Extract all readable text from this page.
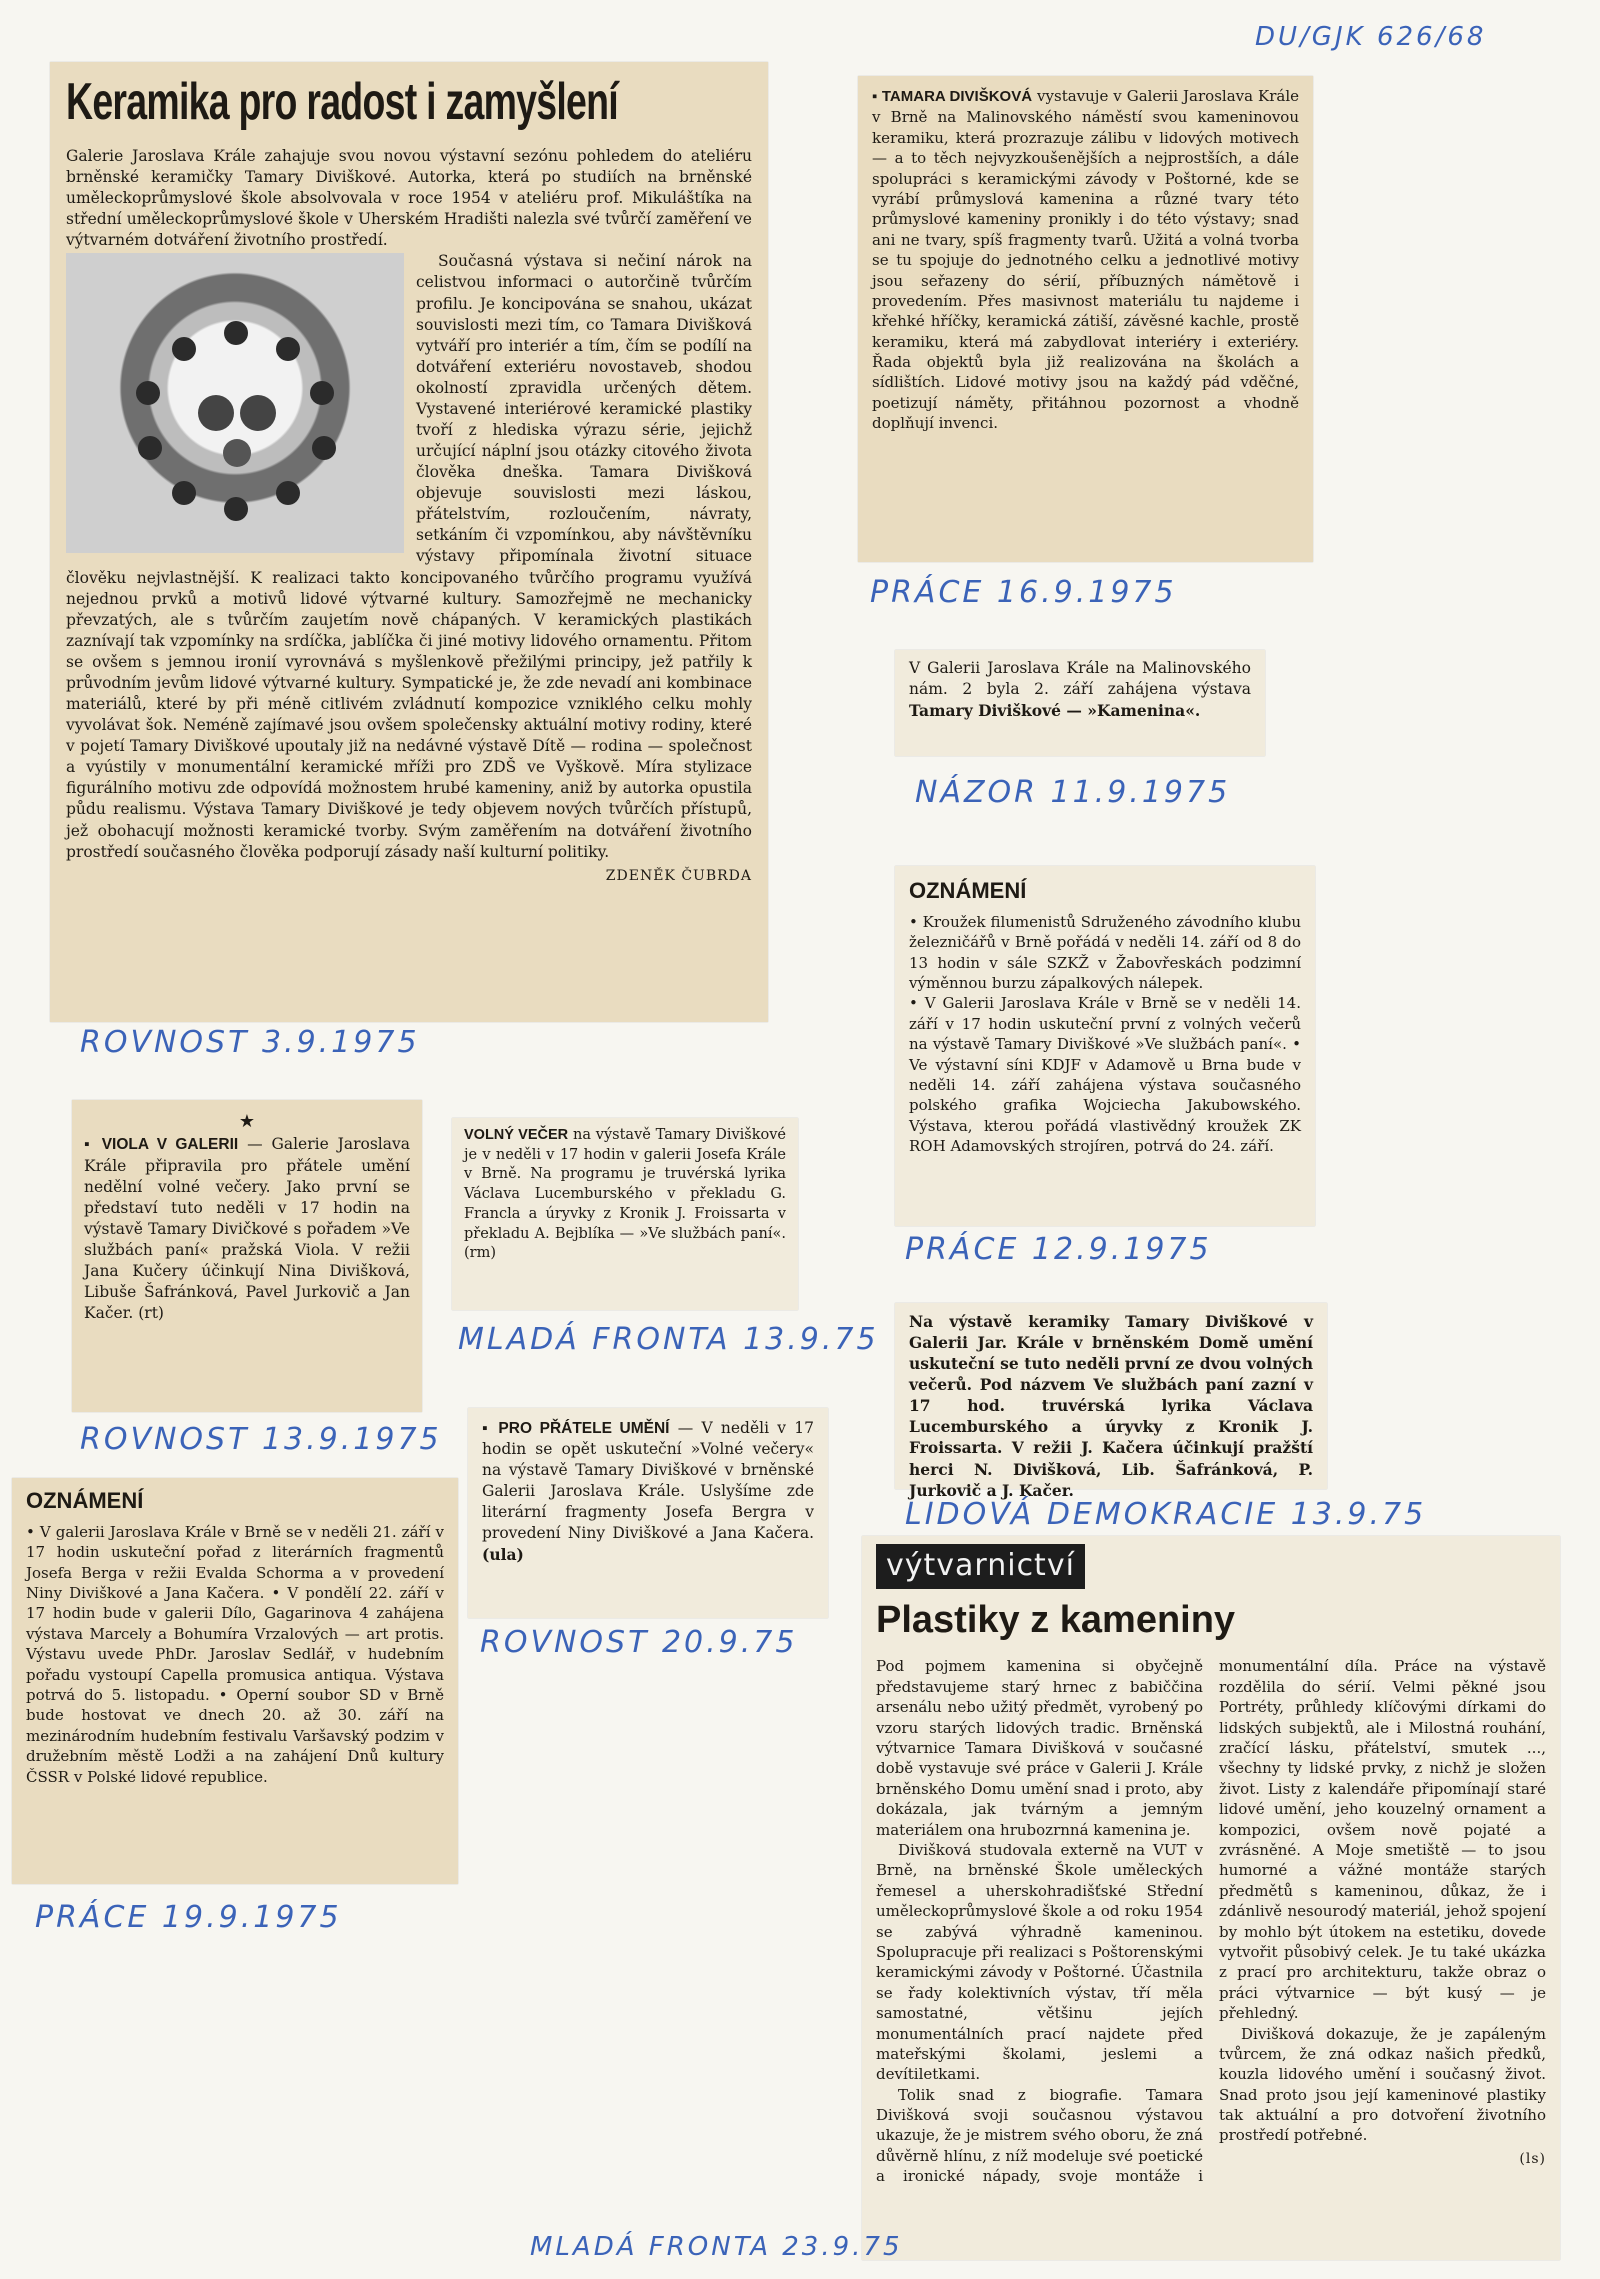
DU/GJK 626/68
Keramika pro radost i zamyšlení

Galerie Jaroslava Krále zahajuje svou novou výstavní sezónu pohledem do ateliéru brněnské keramičky Tamary Diviškové. Autorka, která po studiích na brněnské uměleckoprůmyslové škole absolvovala v roce 1954 v ateliéru prof. Mikuláštíka na střední uměleckoprůmyslové škole v Uherském Hradišti nalezla své tvůrčí zaměření ve výtvarném dotváření životního prostředí.

Současná výstava si nečiní nárok na celistvou informaci o autorčině tvůrčím profilu. Je koncipována se snahou, ukázat souvislosti mezi tím, co Tamara Divišková vytváří pro interiér a tím, čím se podílí na dotváření exteriéru novostaveb, shodou okolností zpravidla určených dětem. Vystavené interiérové keramické plastiky tvoří z hlediska výrazu série, jejichž určující náplní jsou otázky citového života člověka dneška. Tamara Divišková objevuje souvislosti mezi láskou, přátelstvím, rozloučením, návraty, setkáním či vzpomínkou, aby návštěvníku výstavy připomínala životní situace člověku nejvlastnější. K realizaci takto koncipovaného tvůrčího programu využívá nejednou prvků a motivů lidové výtvarné kultury. Samozřejmě ne mechanicky převzatých, ale s tvůrčím zaujetím nově chápaných. V keramických plastikách zaznívají tak vzpomínky na srdíčka, jablíčka či jiné motivy lidového ornamentu. Přitom se ovšem s jemnou ironií vyrovnává s myšlenkově přežilými principy, jež patřily k průvodním jevům lidové výtvarné kultury. Sympatické je, že zde nevadí ani kombinace materiálů, které by při méně citlivém zvládnutí kompozice vzniklého celku mohly vyvolávat šok. Neméně zajímavé jsou ovšem společensky aktuální motivy rodiny, které v pojetí Tamary Diviškové upoutaly již na nedávné výstavě Dítě — rodina — společnost a vyústily v monumentální keramické mříži pro ZDŠ ve Vyškově. Míra stylizace figurálního motivu zde odpovídá možnostem hrubé kameniny, aniž by autorka opustila půdu realismu. Výstava Tamary Diviškové je tedy objevem nových tvůrčích přístupů, jež obohacují možnosti keramické tvorby. Svým zaměřením na dotváření životního prostředí současného člověka podporují zásady naší kulturní politiky.

ZDENĚK ČUBRDA
ROVNOST 3.9.1975

▪ TAMARA DIVIŠKOVÁ vystavuje v Galerii Jaroslava Krále v Brně na Malinovského náměstí svou kameninovou keramiku, která prozrazuje zálibu v lidových motivech — a to těch nejvyzkoušenějších a nejprostších, a dále spolupráci s keramickými závody v Poštorné, kde se vyrábí průmyslová kamenina a různé tvary této průmyslové kameniny pronikly i do této výstavy; snad ani ne tvary, spíš fragmenty tvarů. Užitá a volná tvorba se tu spojuje do jednotného celku a jednotlivé motivy jsou seřazeny do sérií, příbuzných námětově i provedením. Přes masivnost materiálu tu najdeme i křehké hříčky, keramická zátiší, závěsné kachle, prostě keramiku, která má zabydlovat interiéry i exteriéry. Řada objektů byla již realizována na školách a sídlištích. Lidové motivy jsou na každý pád vděčné, poetizují náměty, přitáhnou pozornost a vhodně doplňují invenci.

PRÁCE 16.9.1975

V Galerii Jaroslava Krále na Malinovského nám. 2 byla 2. září zahájena výstava Tamary Diviškové — »Kamenina«.

NÁZOR 11.9.1975
OZNÁMENÍ

• Kroužek filumenistů Sdruženého závodního klubu železničářů v Brně pořádá v neděli 14. září od 8 do 13 hodin v sále SZKŽ v Žabovřeskách podzimní výměnnou burzu zápalkových nálepek.

• V Galerii Jaroslava Krále v Brně se v neděli 14. září v 17 hodin uskuteční první z volných večerů na výstavě Tamary Diviškové »Ve službách paní«. • Ve výstavní síni KDJF v Adamově u Brna bude v neděli 14. září zahájena výstava současného polského grafika Wojciecha Jakubowského. Výstava, kterou pořádá vlastivědný kroužek ZK ROH Adamovských strojíren, potrvá do 24. září.

PRÁCE 12.9.1975
★

▪ VIOLA V GALERII — Galerie Jaroslava Krále připravila pro přátele umění nedělní volné večery. Jako první se představí tuto neděli v 17 hodin na výstavě Tamary Divičkové s pořadem »Ve službách paní« pražská Viola. V režii Jana Kučery účinkují Nina Divišková, Libuše Šafránková, Pavel Jurkovič a Jan Kačer. (rt)

ROVNOST 13.9.1975

VOLNÝ VEČER na výstavě Tamary Diviškové je v neděli v 17 hodin v galerii Josefa Krále v Brně. Na programu je truvérská lyrika Václava Lucemburského v překladu G. Francla a úryvky z Kronik J. Froissarta v překladu A. Bejblíka — »Ve službách paní«. (rm)

MLADÁ FRONTA 13.9.75

Na výstavě keramiky Tamary Diviškové v Galerii Jar. Krále v brněnském Domě umění uskuteční se tuto neděli první ze dvou volných večerů. Pod názvem Ve službách paní zazní v 17 hod. truvérská lyrika Václava Lucemburského a úryvky z Kronik J. Froissarta. V režii J. Kačera účinkují pražští herci N. Divišková, Lib. Šafránková, P. Jurkovič a J. Kačer.

LIDOVÁ DEMOKRACIE 13.9.75

▪ PRO PŘÁTELE UMĚNÍ — V neděli v 17 hodin se opět uskuteční »Volné večery« na výstavě Tamary Diviškové v brněnské Galerii Jaroslava Krále. Uslyšíme zde literární fragmenty Josefa Bergra v provedení Niny Diviškové a Jana Kačera. (ula)

ROVNOST 20.9.75
OZNÁMENÍ

• V galerii Jaroslava Krále v Brně se v neděli 21. září v 17 hodin uskuteční pořad z literárních fragmentů Josefa Berga v režii Evalda Schorma a v provedení Niny Diviškové a Jana Kačera. • V pondělí 22. září v 17 hodin bude v galerii Dílo, Gagarinova 4 zahájena výstava Marcely a Bohumíra Vrzalových — art protis. Výstavu uvede PhDr. Jaroslav Sedlář, v hudebním pořadu vystoupí Capella promusica antiqua. Výstava potrvá do 5. listopadu. • Operní soubor SD v Brně bude hostovat ve dnech 20. až 30. září na mezinárodním hudebním festivalu Varšavský podzim v družebním městě Lodži a na zahájení Dnů kultury ČSSR v Polské lidové republice.

PRÁCE 19.9.1975
výtvarnictví
Plastiky z kameniny

Pod pojmem kamenina si obyčejně představujeme starý hrnec z babiččina arsenálu nebo užitý předmět, vyrobený po vzoru starých lidových tradic. Brněnská výtvarnice Tamara Divišková v současné době vystavuje své práce v Galerii J. Krále brněnského Domu umění snad i proto, aby dokázala, jak tvárným a jemným materiálem ona hrubozrnná kamenina je.

Divišková studovala externě na VUT v Brně, na brněnské Škole uměleckých řemesel a uherskohradišťské Střední uměleckoprůmyslové škole a od roku 1954 se zabývá výhradně kameninou. Spolupracuje při realizaci s Poštorenskými keramickými závody v Poštorné. Účastnila se řady kolektivních výstav, tří měla samostatné, většinu jejích monumentálních prací najdete před mateřskými školami, jeslemi a devítiletkami.

Tolik snad z biografie. Tamara Divišková svoji současnou výstavou ukazuje, že je mistrem svého oboru, že zná důvěrně hlínu, z níž modeluje své poetické a ironické nápady, svoje montáže i monumentální díla. Práce na výstavě rozdělila do sérií. Velmi pěkné jsou Portréty, průhledy klíčovými dírkami do lidských subjektů, ale i Milostná rouhání, zračící lásku, přátelství, smutek ..., všechny ty lidské prvky, z nichž je složen život. Listy z kalendáře připomínají staré lidové umění, jeho kouzelný ornament a kompozici, ovšem nově pojaté a zvrásněné. A Moje smetiště — to jsou humorné a vážné montáže starých předmětů s kameninou, důkaz, že i zdánlivě nesourodý materiál, jehož spojení by mohlo být útokem na estetiku, dovede vytvořit působivý celek. Je tu také ukázka z prací pro architekturu, takže obraz o práci výtvarnice — být kusý — je přehledný.

Divišková dokazuje, že je zapáleným tvůrcem, že zná odkaz našich předků, kouzla lidového umění i současný život. Snad proto jsou její kameninové plastiky tak aktuální a pro dotvoření životního prostředí potřebné.

(ls)
MLADÁ FRONTA 23.9.75
